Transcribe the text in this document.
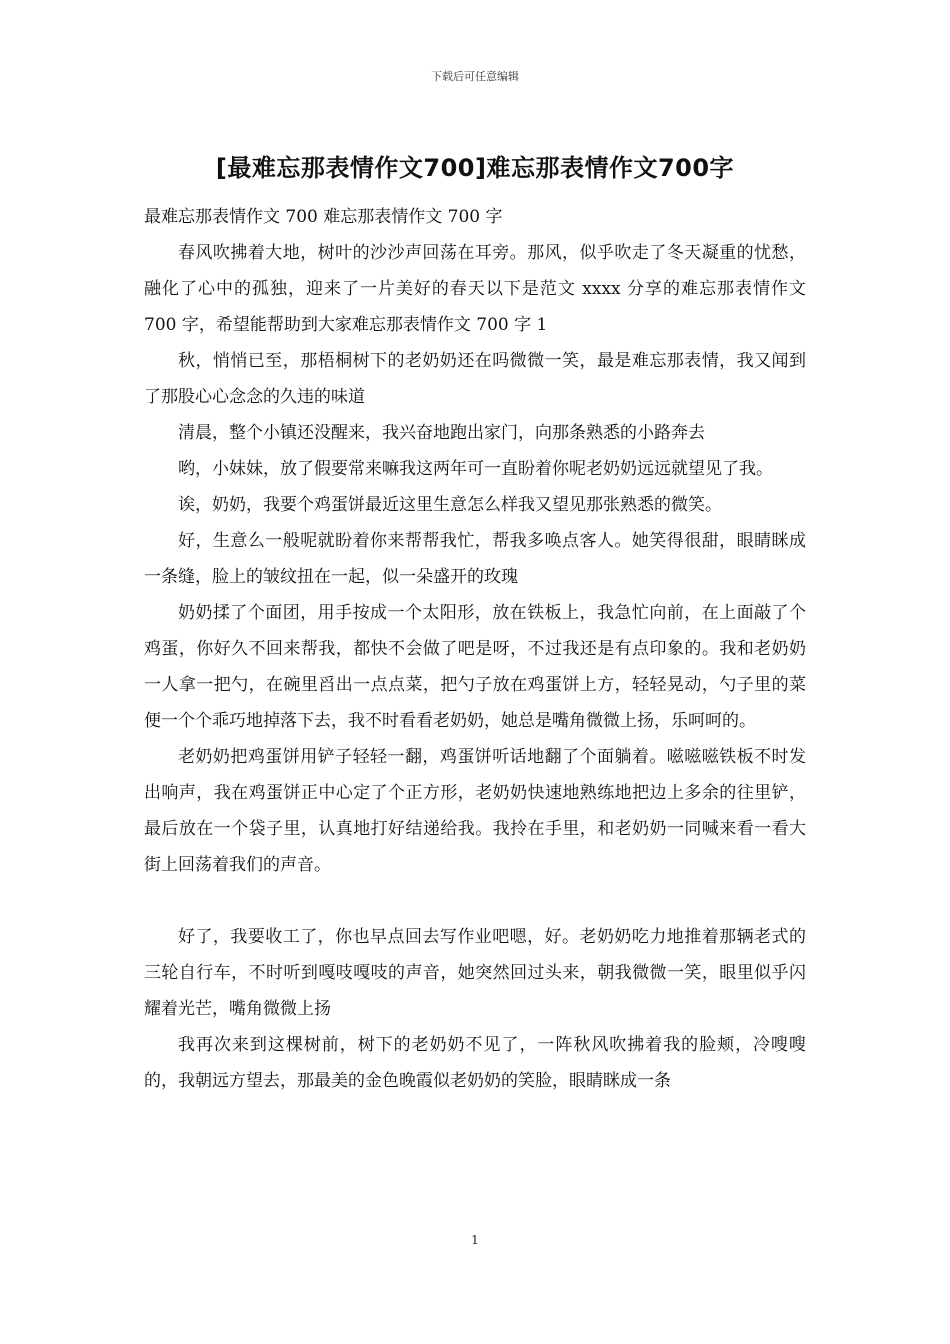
下载后可任意编辑
[最难忘那表情作文700]难忘那表情作文700字

最难忘那表情作文 700 难忘那表情作文 700 字

春风吹拂着大地，树叶的沙沙声回荡在耳旁。那风，似乎吹走了冬天凝重的忧愁，融化了心中的孤独，迎来了一片美好的春天以下是范文 xxxx 分享的难忘那表情作文 700 字，希望能帮助到大家难忘那表情作文 700 字 1

秋，悄悄已至，那梧桐树下的老奶奶还在吗微微一笑，最是难忘那表情，我又闻到了那股心心念念的久违的味道

清晨，整个小镇还没醒来，我兴奋地跑出家门，向那条熟悉的小路奔去

哟，小妹妹，放了假要常来嘛我这两年可一直盼着你呢老奶奶远远就望见了我。

诶，奶奶，我要个鸡蛋饼最近这里生意怎么样我又望见那张熟悉的微笑。

好，生意么一般呢就盼着你来帮帮我忙，帮我多唤点客人。她笑得很甜，眼睛眯成一条缝，脸上的皱纹扭在一起，似一朵盛开的玫瑰

奶奶揉了个面团，用手按成一个太阳形，放在铁板上，我急忙向前，在上面敲了个鸡蛋，你好久不回来帮我，都快不会做了吧是呀，不过我还是有点印象的。我和老奶奶一人拿一把勺，在碗里舀出一点点菜，把勺子放在鸡蛋饼上方，轻轻晃动，勺子里的菜便一个个乖巧地掉落下去，我不时看看老奶奶，她总是嘴角微微上扬，乐呵呵的。

老奶奶把鸡蛋饼用铲子轻轻一翻，鸡蛋饼听话地翻了个面躺着。嗞嗞嗞铁板不时发出响声，我在鸡蛋饼正中心定了个正方形，老奶奶快速地熟练地把边上多余的往里铲，最后放在一个袋子里，认真地打好结递给我。我拎在手里，和老奶奶一同喊来看一看大街上回荡着我们的声音。

好了，我要收工了，你也早点回去写作业吧嗯，好。老奶奶吃力地推着那辆老式的三轮自行车，不时听到嘎吱嘎吱的声音，她突然回过头来，朝我微微一笑，眼里似乎闪耀着光芒，嘴角微微上扬

我再次来到这棵树前，树下的老奶奶不见了，一阵秋风吹拂着我的脸颊，冷嗖嗖的，我朝远方望去，那最美的金色晚霞似老奶奶的笑脸，眼睛眯成一条

1
